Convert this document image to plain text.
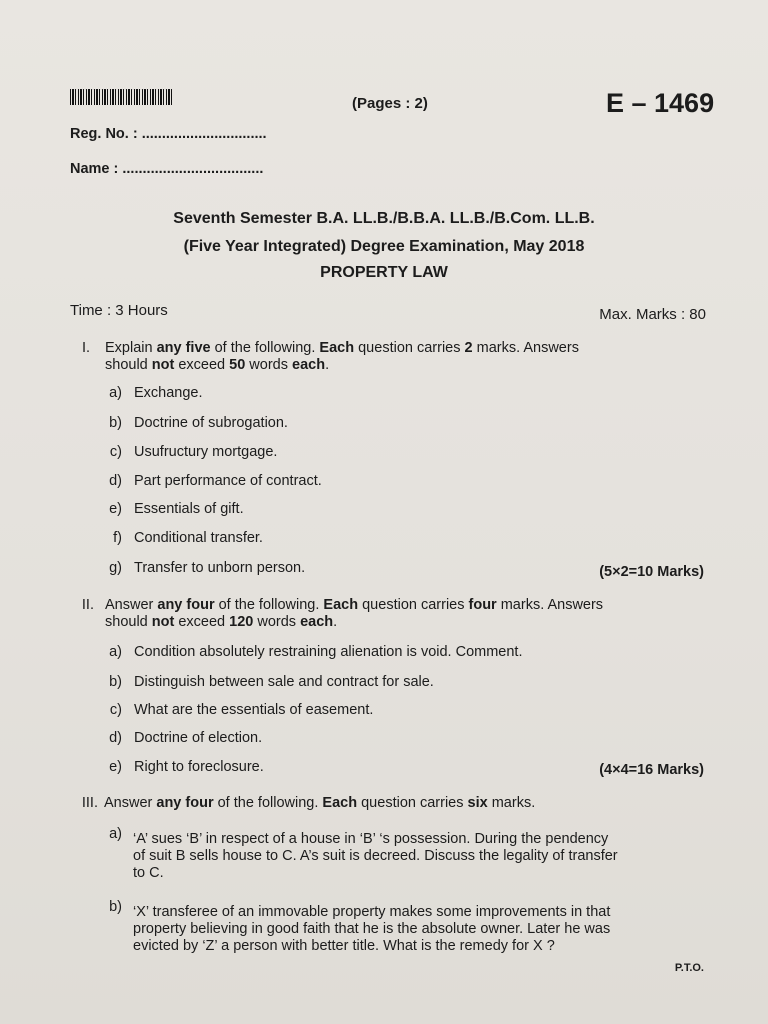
(Pages : 2)	E – 1469
Reg. No. : ...............................
Name : ...................................
Seventh Semester B.A. LL.B./B.B.A. LL.B./B.Com. LL.B.
(Five Year Integrated) Degree Examination, May 2018
PROPERTY LAW
Time : 3 Hours	Max. Marks : 80
I. Explain any five of the following. Each question carries 2 marks. Answers
should not exceed 50 words each.
a) Exchange.
b) Doctrine of subrogation.
c) Usufructury mortgage.
d) Part performance of contract.
e) Essentials of gift.
f) Conditional transfer.
g) Transfer to unborn person.	(5×2=10 Marks)
II. Answer any four of the following. Each question carries four marks. Answers
should not exceed 120 words each.
a) Condition absolutely restraining alienation is void. Comment.
b) Distinguish between sale and contract for sale.
c) What are the essentials of easement.
d) Doctrine of election.
e) Right to foreclosure.	(4×4=16 Marks)
III. Answer any four of the following. Each question carries six marks.
a) ‘A’ sues ‘B’ in respect of a house in ‘B’ ‘s possession. During the pendency
of suit B sells house to C. A’s suit is decreed. Discuss the legality of transfer
to C.
b) ‘X’ transferee of an immovable property makes some improvements in that
property believing in good faith that he is the absolute owner. Later he was
evicted by ‘Z’ a person with better title. What is the remedy for X ?
P.T.O.
